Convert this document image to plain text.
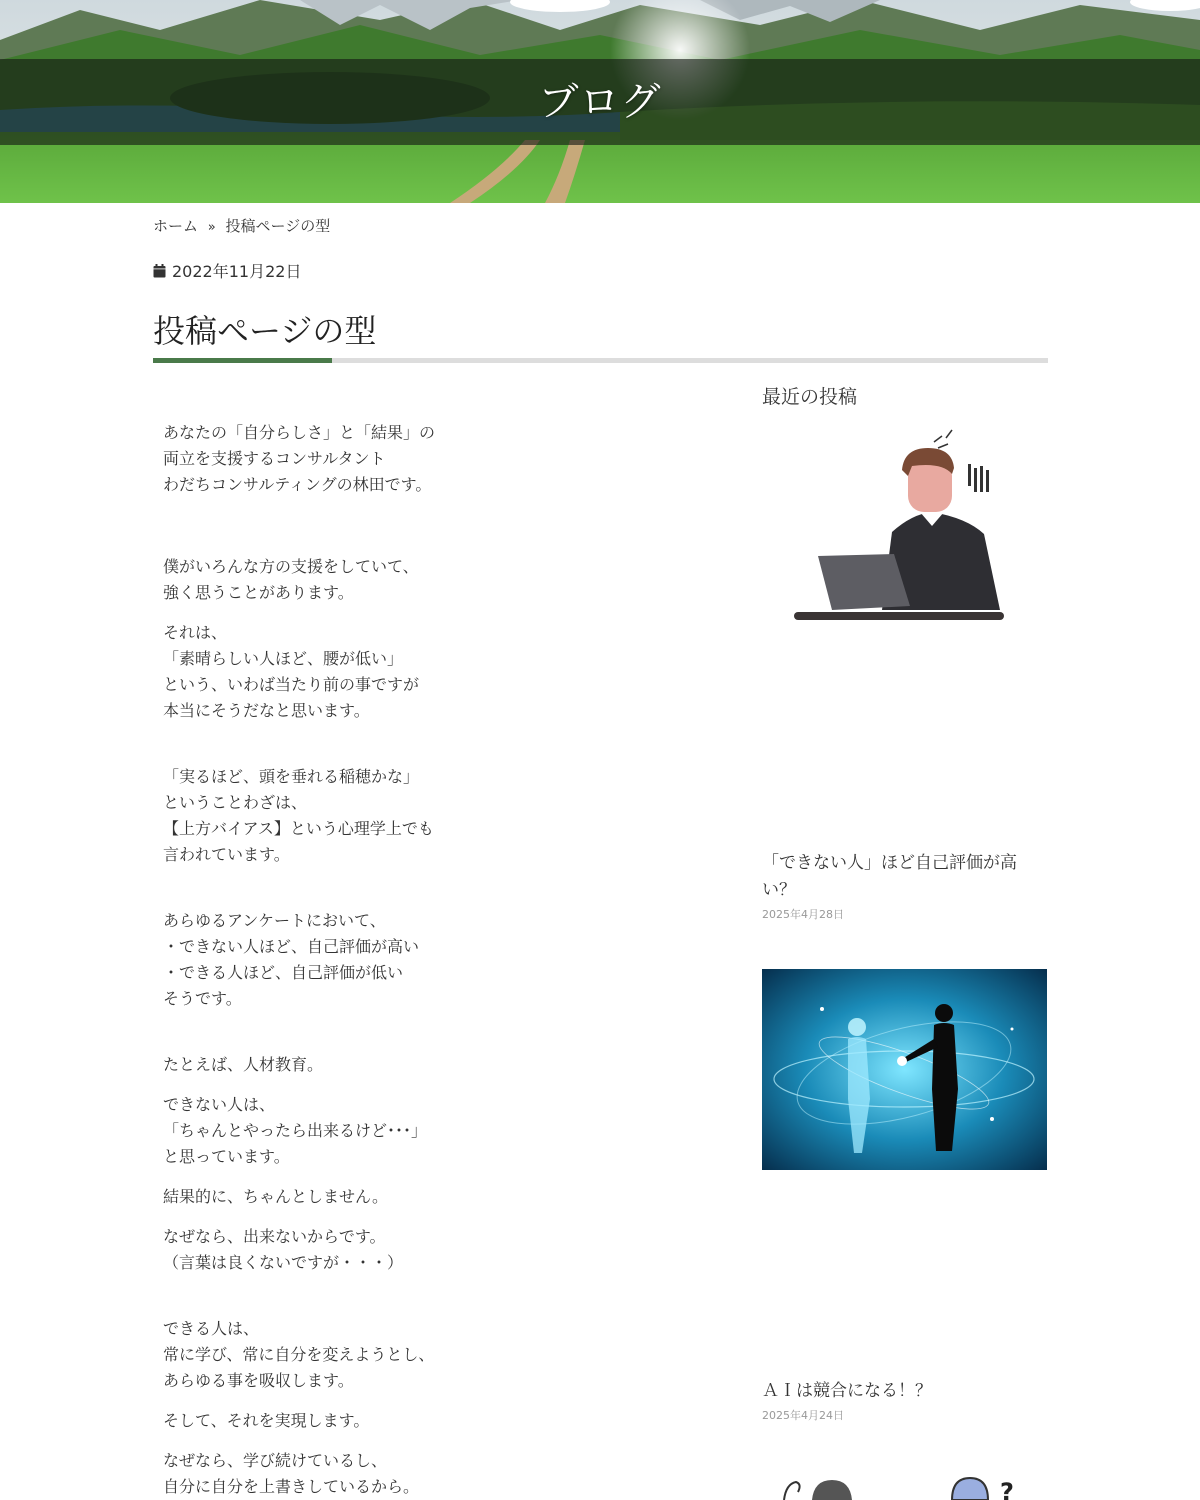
ブログ
ホーム » 投稿ページの型
2022年11月22日
投稿ページの型

あなたの「自分らしさ」と「結果」の
両立を支援するコンサルタント
わだちコンサルティングの林田です。

僕がいろんな方の支援をしていて、
強く思うことがあります。

それは、
「素晴らしい人ほど、腰が低い」
という、いわば当たり前の事ですが
本当にそうだなと思います。

「実るほど、頭を垂れる稲穂かな」
ということわざは、
【上方バイアス】という心理学上でも
言われています。

あらゆるアンケートにおいて、
・できない人ほど、自己評価が高い
・できる人ほど、自己評価が低い
そうです。

たとえば、人材教育。

できない人は、
「ちゃんとやったら出来るけど･･･」
と思っています。

結果的に、ちゃんとしません。

なぜなら、出来ないからです。
（言葉は良くないですが・・・）

できる人は、
常に学び、常に自分を変えようとし、
あらゆる事を吸収します。

そして、それを実現します。

なぜなら、学び続けているし、
自分に自分を上書きしているから。

最近の投稿
「できない人」ほど自己評価が高い？
2025年4月28日
ＡＩは競合になる！？
2025年4月24日
?
